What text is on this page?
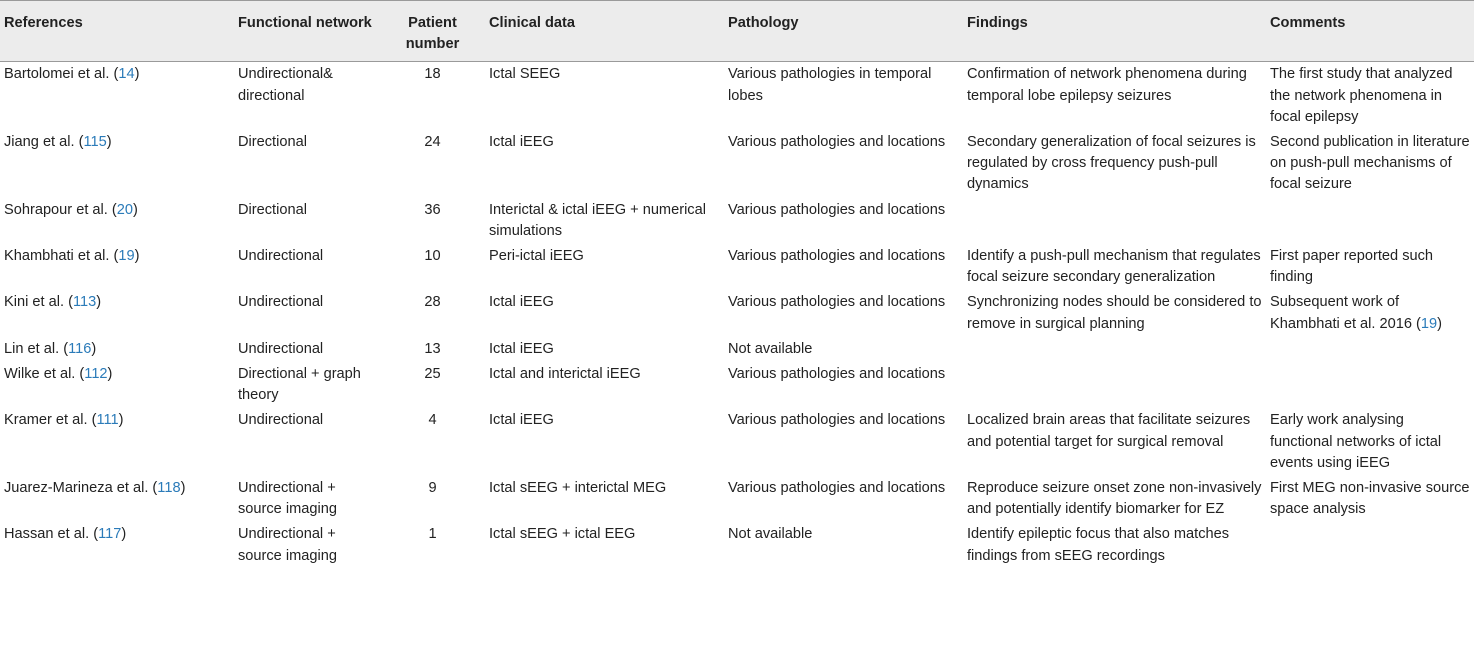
References	Functional network	Patient number	Clinical data	Pathology	Findings	Comments
Bartolomei et al. (14)	Undirectional& directional	18	Ictal SEEG	Various pathologies in temporal lobes	Confirmation of network phenomena during temporal lobe epilepsy seizures	The first study that analyzed the network phenomena in focal epilepsy
Jiang et al. (115)	Directional	24	Ictal iEEG	Various pathologies and locations	Secondary generalization of focal seizures is regulated by cross frequency push-pull dynamics	Second publication in literature on push-pull mechanisms of focal seizure
Sohrapour et al. (20)	Directional	36	Interictal & ictal iEEG + numerical simulations	Various pathologies and locations		
Khambhati et al. (19)	Undirectional	10	Peri-ictal iEEG	Various pathologies and locations	Identify a push-pull mechanism that regulates focal seizure secondary generalization	First paper reported such finding
Kini et al. (113)	Undirectional	28	Ictal iEEG	Various pathologies and locations	Synchronizing nodes should be considered to remove in surgical planning	Subsequent work of Khambhati et al. 2016 (19)
Lin et al. (116)	Undirectional	13	Ictal iEEG	Not available		
Wilke et al. (112)	Directional + graph theory	25	Ictal and interictal iEEG	Various pathologies and locations		
Kramer et al. (111)	Undirectional	4	Ictal iEEG	Various pathologies and locations	Localized brain areas that facilitate seizures and potential target for surgical removal	Early work analysing functional networks of ictal events using iEEG
Juarez-Marineza et al. (118)	Undirectional + source imaging	9	Ictal sEEG + interictal MEG	Various pathologies and locations	Reproduce seizure onset zone non-invasively and potentially identify biomarker for EZ	First MEG non-invasive source space analysis
Hassan et al. (117)	Undirectional + source imaging	1	Ictal sEEG + ictal EEG	Not available	Identify epileptic focus that also matches findings from sEEG recordings	
